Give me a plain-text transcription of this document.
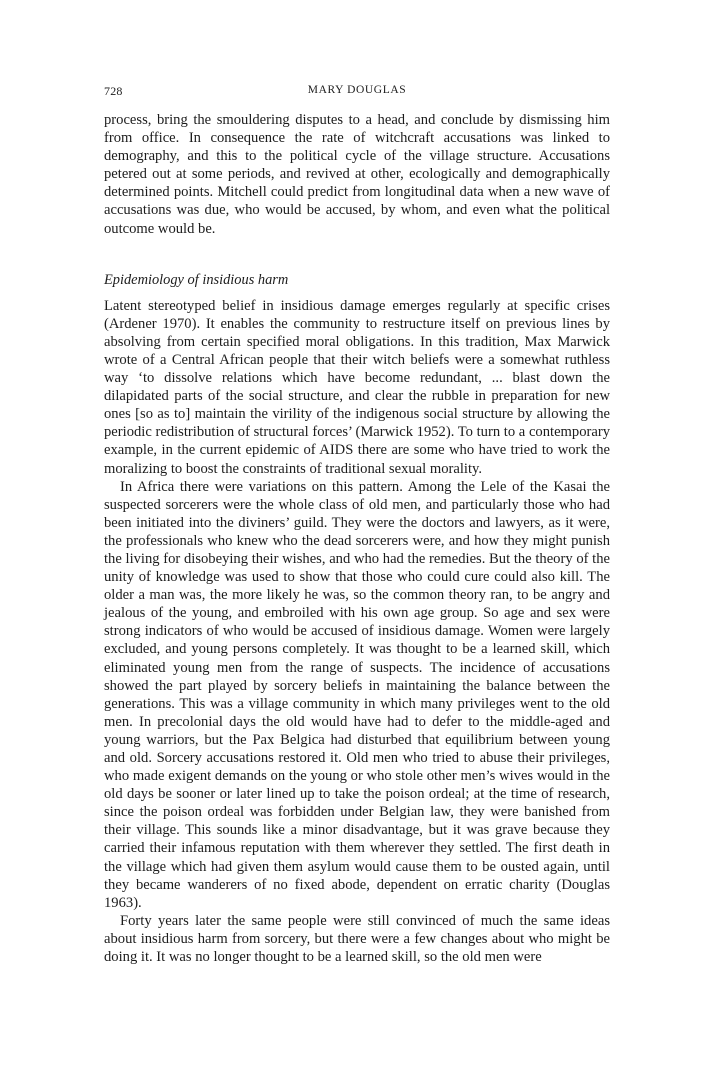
728	MARY DOUGLAS

process, bring the smouldering disputes to a head, and conclude by dismissing him from office. In consequence the rate of witchcraft accusations was linked to demography, and this to the political cycle of the village structure. Accusations petered out at some periods, and revived at other, ecologically and demographically determined points. Mitchell could predict from longitudinal data when a new wave of accusations was due, who would be accused, by whom, and even what the political outcome would be.

Epidemiology of insidious harm

Latent stereotyped belief in insidious damage emerges regularly at specific crises (Ardener 1970). It enables the community to restructure itself on previous lines by absolving from certain specified moral obligations. In this tradition, Max Marwick wrote of a Central African people that their witch beliefs were a somewhat ruthless way ‘to dissolve relations which have become redundant, ... blast down the dilapidated parts of the social structure, and clear the rubble in preparation for new ones [so as to] maintain the virility of the indigenous social structure by allowing the periodic redistribution of structural forces’ (Marwick 1952). To turn to a contemporary example, in the current epidemic of AIDS there are some who have tried to work the moralizing to boost the constraints of traditional sexual morality.

In Africa there were variations on this pattern. Among the Lele of the Kasai the suspected sorcerers were the whole class of old men, and particularly those who had been initiated into the diviners’ guild. They were the doctors and lawyers, as it were, the professionals who knew who the dead sorcerers were, and how they might punish the living for disobeying their wishes, and who had the remedies. But the theory of the unity of knowledge was used to show that those who could cure could also kill. The older a man was, the more likely he was, so the common theory ran, to be angry and jealous of the young, and embroiled with his own age group. So age and sex were strong indicators of who would be accused of insidious damage. Women were largely excluded, and young persons completely. It was thought to be a learned skill, which eliminated young men from the range of suspects. The incidence of accusations showed the part played by sorcery beliefs in maintaining the balance between the generations. This was a village community in which many privileges went to the old men. In precolonial days the old would have had to defer to the middle-aged and young warriors, but the Pax Belgica had disturbed that equilibrium between young and old. Sorcery accusations restored it. Old men who tried to abuse their privileges, who made exigent demands on the young or who stole other men’s wives would in the old days be sooner or later lined up to take the poison ordeal; at the time of research, since the poison ordeal was forbidden under Belgian law, they were banished from their village. This sounds like a minor disadvantage, but it was grave because they carried their infamous reputation with them wherever they settled. The first death in the village which had given them asylum would cause them to be ousted again, until they became wanderers of no fixed abode, dependent on erratic charity (Douglas 1963).

Forty years later the same people were still convinced of much the same ideas about insidious harm from sorcery, but there were a few changes about who might be doing it. It was no longer thought to be a learned skill, so the old men were
